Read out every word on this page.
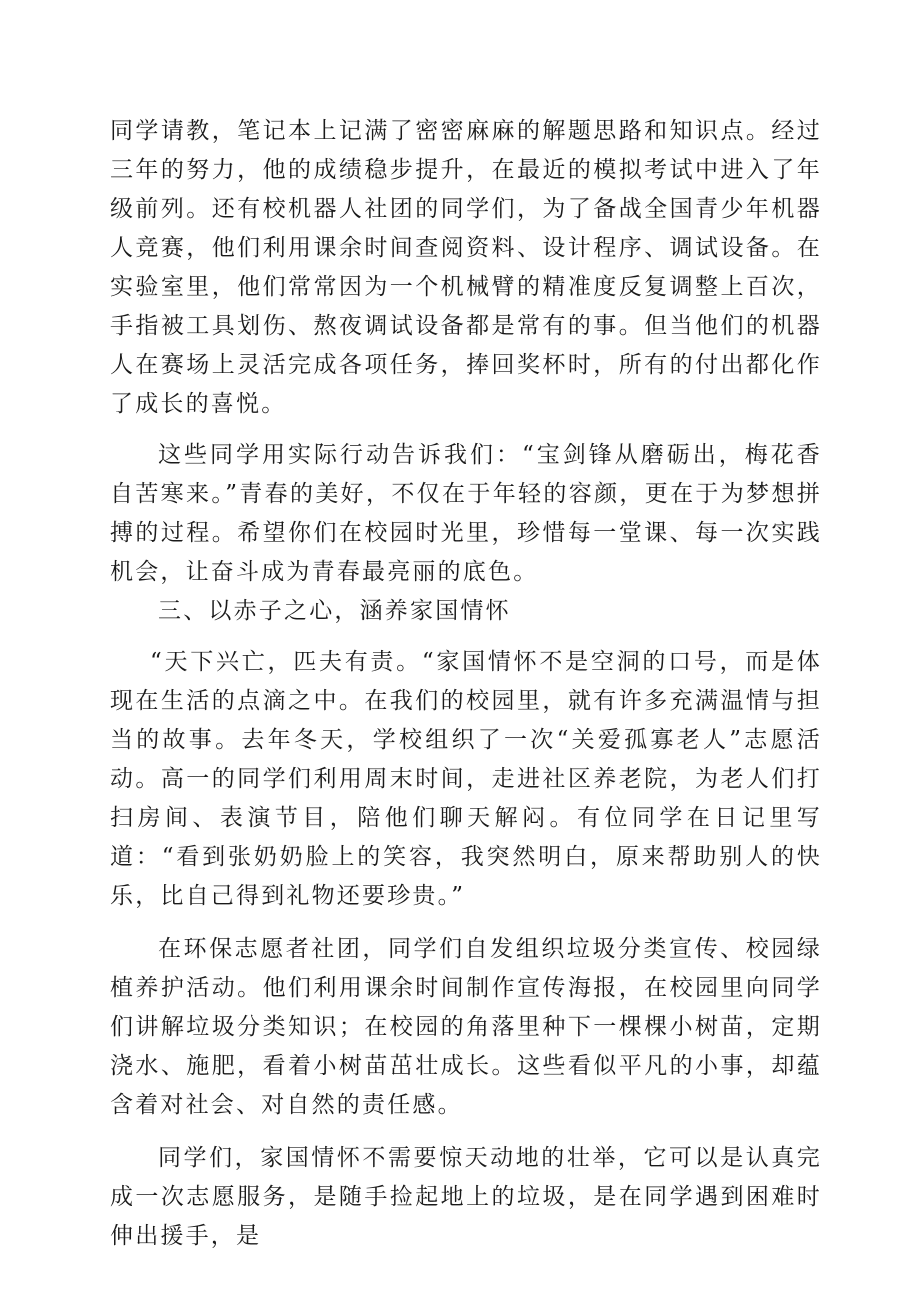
同学请教，笔记本上记满了密密麻麻的解题思路和知识点。经过三年的努力，他的成绩稳步提升，在最近的模拟考试中进入了年级前列。还有校机器人社团的同学们，为了备战全国青少年机器人竞赛，他们利用课余时间查阅资料、设计程序、调试设备。在实验室里，他们常常因为一个机械臂的精准度反复调整上百次，手指被工具划伤、熬夜调试设备都是常有的事。但当他们的机器人在赛场上灵活完成各项任务，捧回奖杯时，所有的付出都化作了成长的喜悦。

这些同学用实际行动告诉我们：“宝剑锋从磨砺出，梅花香自苦寒来。”青春的美好，不仅在于年轻的容颜，更在于为梦想拼搏的过程。希望你们在校园时光里，珍惜每一堂课、每一次实践机会，让奋斗成为青春最亮丽的底色。

三、以赤子之心，涵养家国情怀

“天下兴亡，匹夫有责。“家国情怀不是空洞的口号，而是体现在生活的点滴之中。在我们的校园里，就有许多充满温情与担当的故事。去年冬天，学校组织了一次“关爱孤寡老人”志愿活动。高一的同学们利用周末时间，走进社区养老院，为老人们打扫房间、表演节目，陪他们聊天解闷。有位同学在日记里写道：“看到张奶奶脸上的笑容，我突然明白，原来帮助别人的快乐，比自己得到礼物还要珍贵。”

在环保志愿者社团，同学们自发组织垃圾分类宣传、校园绿植养护活动。他们利用课余时间制作宣传海报，在校园里向同学们讲解垃圾分类知识；在校园的角落里种下一棵棵小树苗，定期浇水、施肥，看着小树苗茁壮成长。这些看似平凡的小事，却蕴含着对社会、对自然的责任感。

同学们，家国情怀不需要惊天动地的壮举，它可以是认真完成一次志愿服务，是随手捡起地上的垃圾，是在同学遇到困难时伸出援手，是
